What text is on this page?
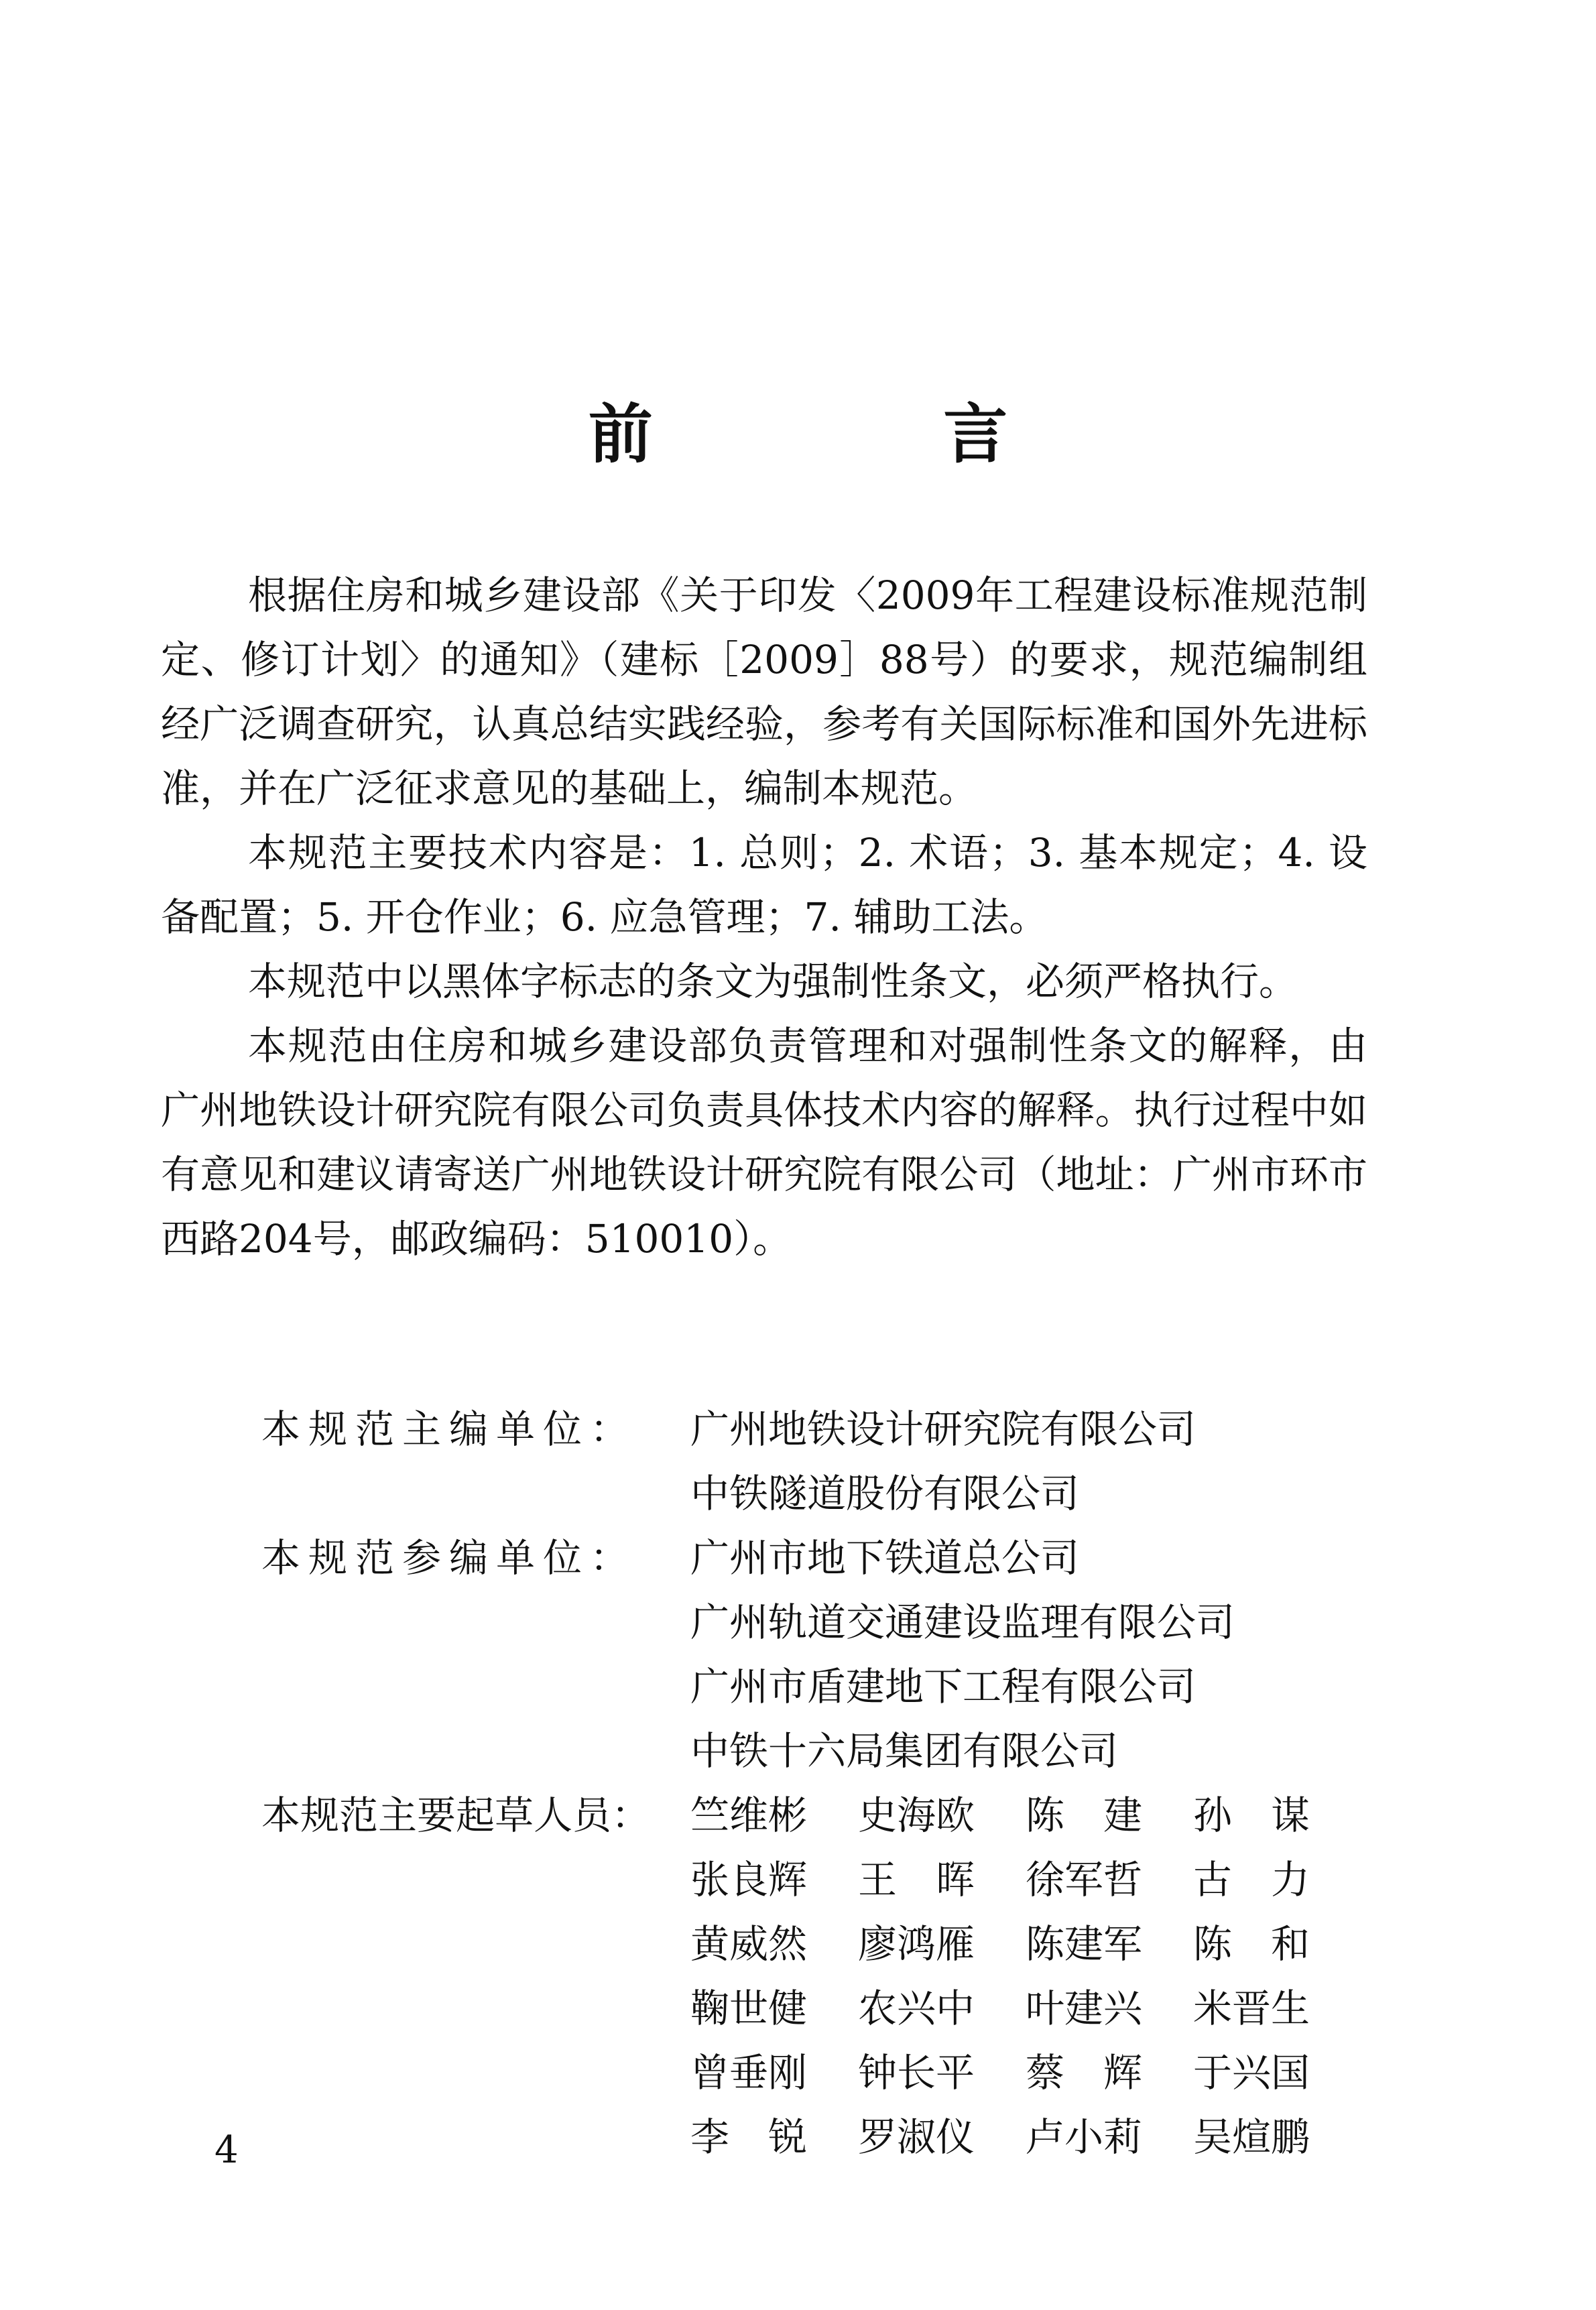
前 言

根据住房和城乡建设部《关于印发〈2009年工程建设标准规范制定、修订计划〉的通知》（建标［2009］88号）的要求，规范编制组经广泛调查研究，认真总结实践经验，参考有关国际标准和国外先进标准，并在广泛征求意见的基础上，编制本规范。

本规范主要技术内容是：1. 总则；2. 术语；3. 基本规定；4. 设备配置；5. 开仓作业；6. 应急管理；7. 辅助工法。

本规范中以黑体字标志的条文为强制性条文，必须严格执行。

本规范由住房和城乡建设部负责管理和对强制性条文的解释，由广州地铁设计研究院有限公司负责具体技术内容的解释。执行过程中如有意见和建议请寄送广州地铁设计研究院有限公司（地址：广州市环市西路204号，邮政编码：510010）。

本规范主编单位：	广州地铁设计研究院有限公司
中铁隧道股份有限公司
本规范参编单位：	广州市地下铁道总公司
广州轨道交通建设监理有限公司
广州市盾建地下工程有限公司
中铁十六局集团有限公司
本规范主要起草人员：	竺维彬	史海欧	陈　建	孙　谋
张良辉	王　晖	徐军哲	古　力
黄威然	廖鸿雁	陈建军	陈　和
鞠世健	农兴中	叶建兴	米晋生
曾垂刚	钟长平	蔡　辉	于兴国
李　锐	罗淑仪	卢小莉	吴煊鹏
4
